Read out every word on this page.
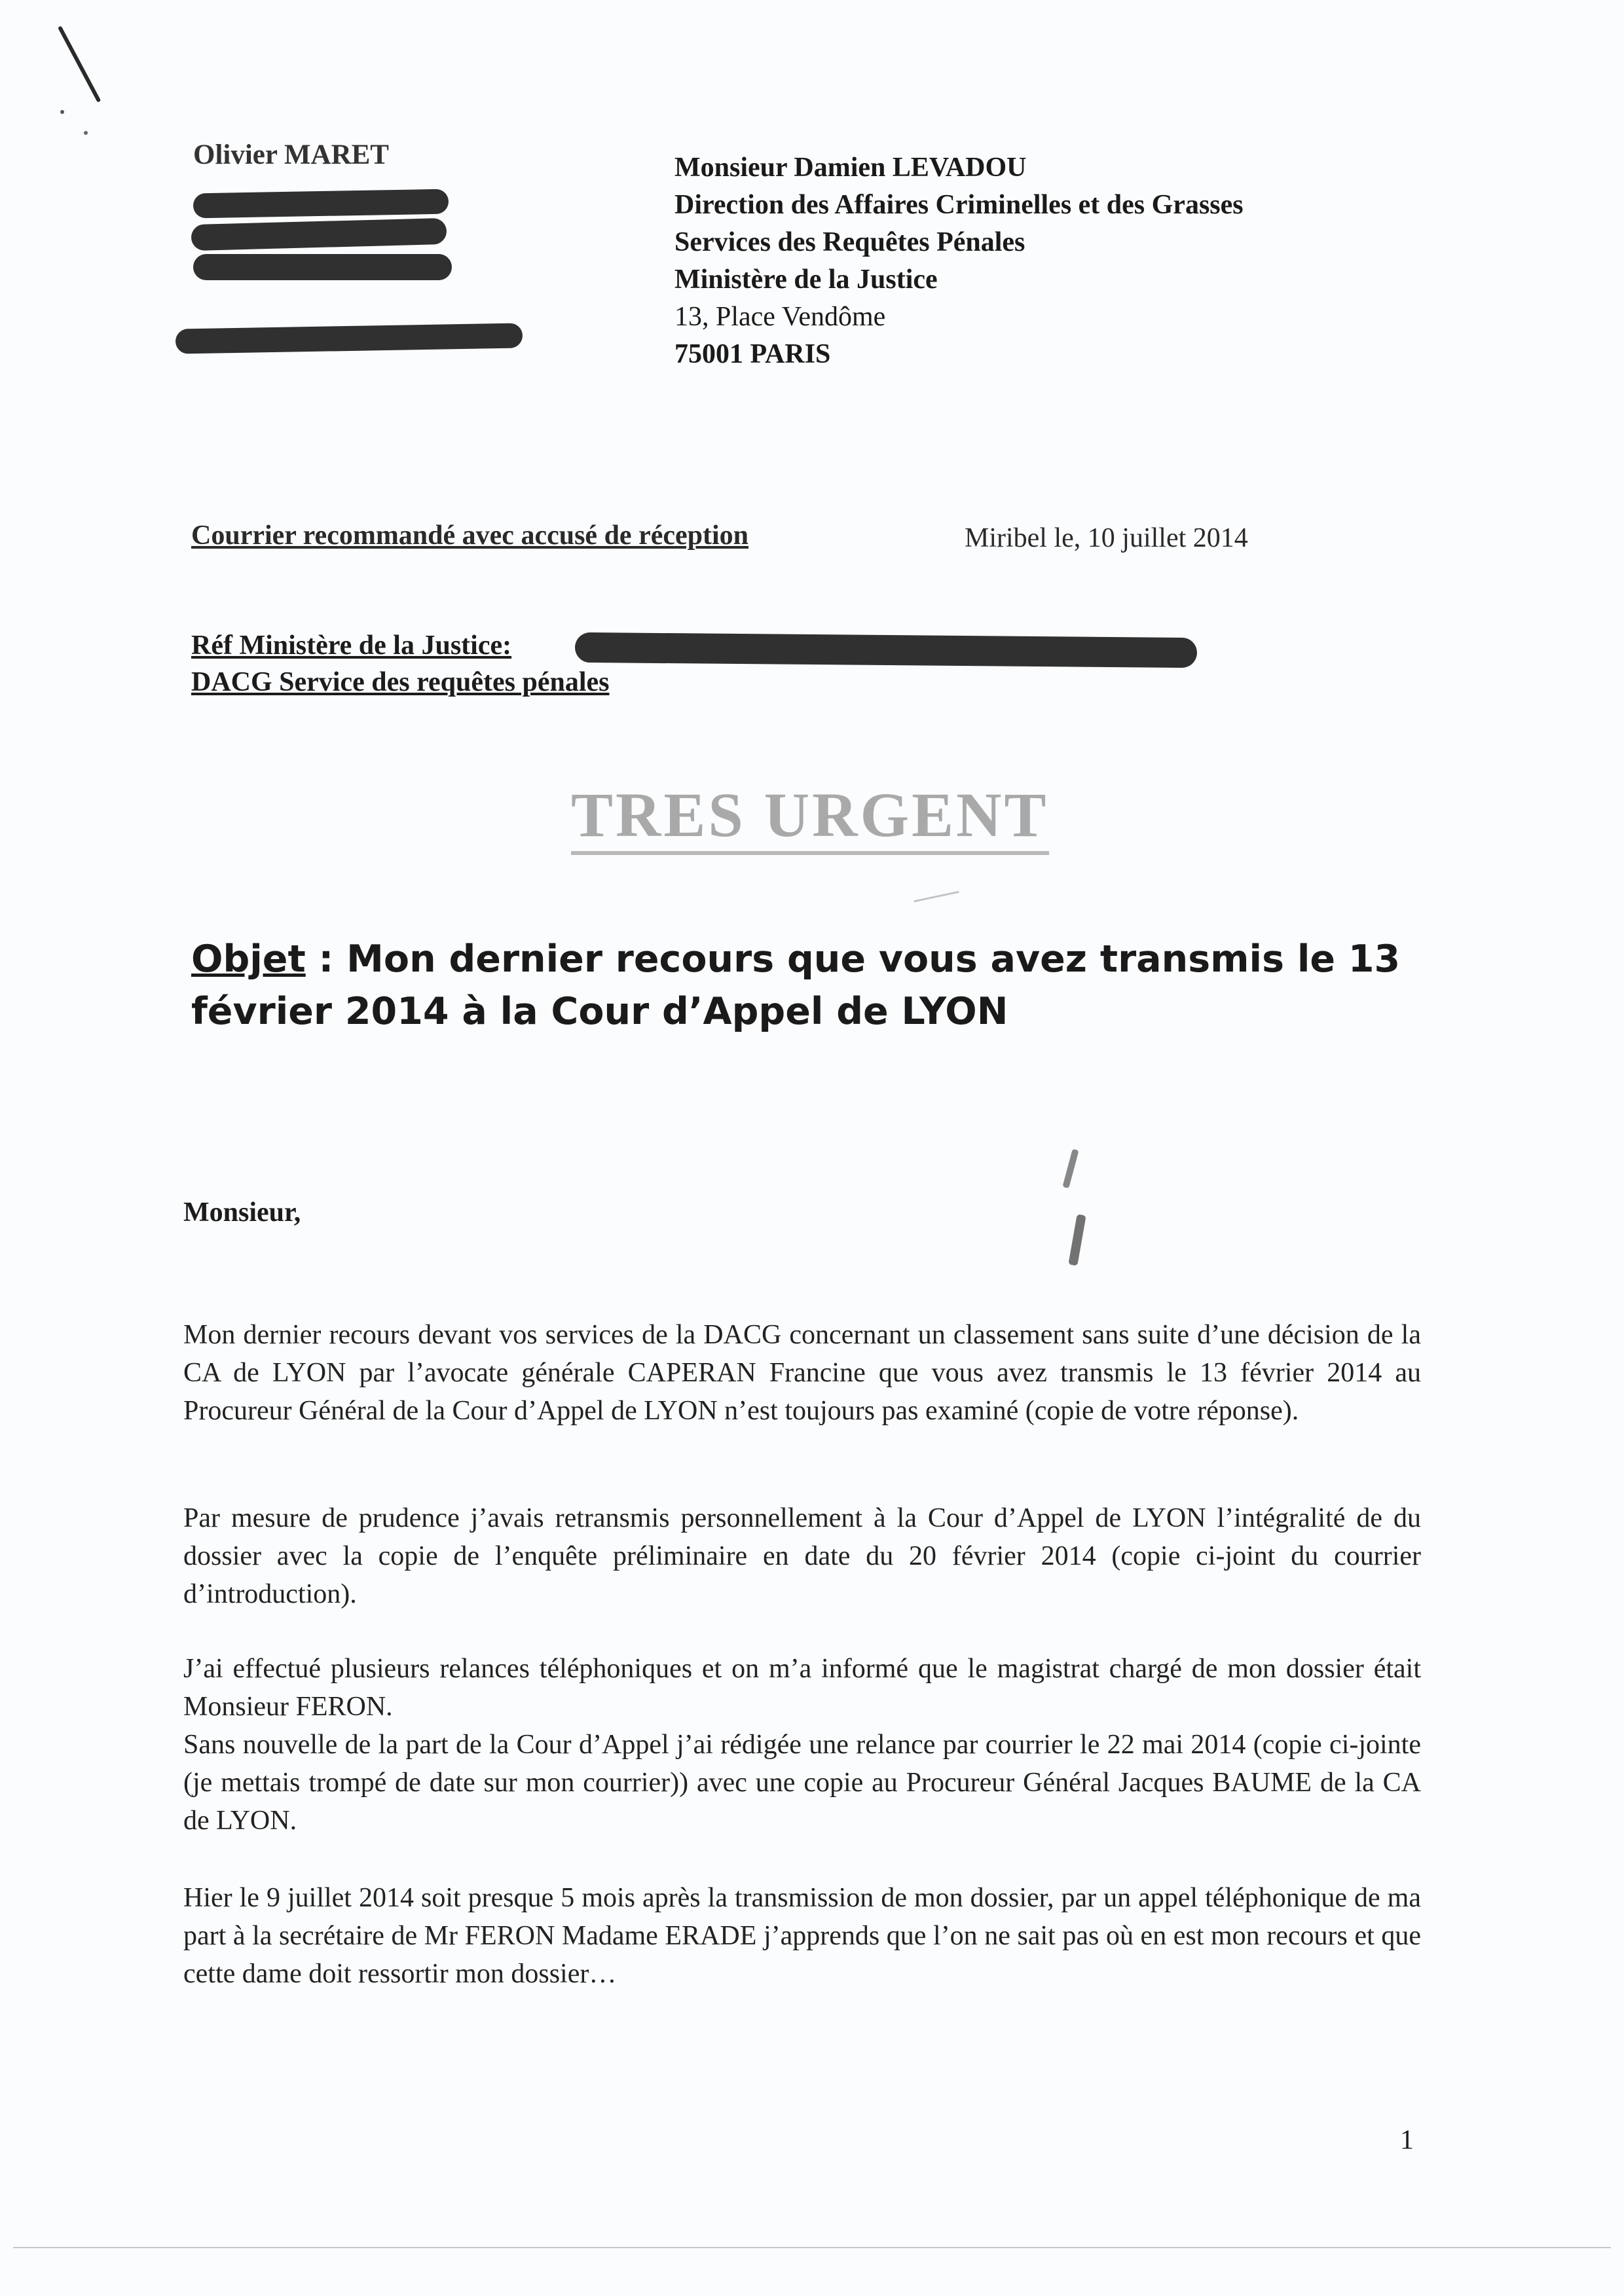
Olivier MARET	Monsieur Damien LEVADOU
Direction des Affaires Criminelles et des Grasses
Services des Requêtes Pénales
Ministère de la Justice
13, Place Vendôme
75001 PARIS
Courrier recommandé avec accusé de réception	Miribel le, 10 juillet 2014
Réf Ministère de la Justice:
DACG Service des requêtes pénales
TRES URGENT
Objet : Mon dernier recours que vous avez transmis le 13 février 2014 à la Cour d’Appel de LYON
Monsieur,
Mon dernier recours devant vos services de la DACG concernant un classement sans suite d’une décision de la CA de LYON par l’avocate générale CAPERAN Francine que vous avez transmis le 13 février 2014 au Procureur Général de la Cour d’Appel de LYON n’est toujours pas examiné (copie de votre réponse).
Par mesure de prudence j’avais retransmis personnellement à la Cour d’Appel de LYON l’intégralité de du dossier avec la copie de l’enquête préliminaire en date du 20 février 2014 (copie ci-joint du courrier d’introduction).
J’ai effectué plusieurs relances téléphoniques et on m’a informé que le magistrat chargé de mon dossier était Monsieur FERON.
Sans nouvelle de la part de la Cour d’Appel j’ai rédigée une relance par courrier le 22 mai 2014 (copie ci-jointe (je mettais trompé de date sur mon courrier)) avec une copie au Procureur Général Jacques BAUME de la CA de LYON.
Hier le 9 juillet 2014 soit presque 5 mois après la transmission de mon dossier, par un appel téléphonique de ma part à la secrétaire de Mr FERON Madame ERADE j’apprends que l’on ne sait pas où en est mon recours et que cette dame doit ressortir mon dossier…
1
